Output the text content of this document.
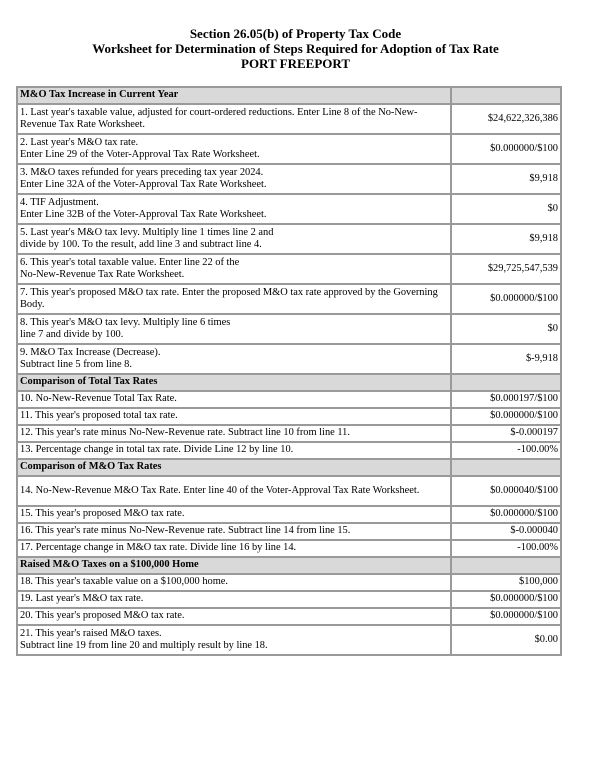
Section 26.05(b) of Property Tax Code
Worksheet for Determination of Steps Required for Adoption of Tax Rate
PORT FREEPORT
M&O Tax Increase in Current Year	
1. Last year's taxable value, adjusted for court-ordered reductions. Enter Line 8 of the No-New-Revenue Tax Rate Worksheet.	$24,622,326,386
2. Last year's M&O tax rate.
Enter Line 29 of the Voter-Approval Tax Rate Worksheet.	$0.000000/$100
3. M&O taxes refunded for years preceding tax year 2024.
Enter Line 32A of the Voter-Approval Tax Rate Worksheet.	$9,918
4. TIF Adjustment.
Enter Line 32B of the Voter-Approval Tax Rate Worksheet.	$0
5. Last year's M&O tax levy. Multiply line 1 times line 2 and
divide by 100. To the result, add line 3 and subtract line 4.	$9,918
6. This year's total taxable value. Enter line 22 of the
No-New-Revenue Tax Rate Worksheet.	$29,725,547,539
7. This year's proposed M&O tax rate. Enter the proposed M&O tax rate approved by the Governing Body.	$0.000000/$100
8. This year's M&O tax levy. Multiply line 6 times
line 7 and divide by 100.	$0
9. M&O Tax Increase (Decrease).
Subtract line 5 from line 8.	$-9,918
Comparison of Total Tax Rates	
10. No-New-Revenue Total Tax Rate.	$0.000197/$100
11. This year's proposed total tax rate.	$0.000000/$100
12. This year's rate minus No-New-Revenue rate. Subtract line 10 from line 11.	$-0.000197
13. Percentage change in total tax rate. Divide Line 12 by line 10.	-100.00%
Comparison of M&O Tax Rates	
14. No-New-Revenue M&O Tax Rate. Enter line 40 of the Voter-Approval Tax Rate Worksheet.	$0.000040/$100
15. This year's proposed M&O tax rate.	$0.000000/$100
16. This year's rate minus No-New-Revenue rate. Subtract line 14 from line 15.	$-0.000040
17. Percentage change in M&O tax rate. Divide line 16 by line 14.	-100.00%
Raised M&O Taxes on a $100,000 Home	
18. This year's taxable value on a $100,000 home.	$100,000
19. Last year's M&O tax rate.	$0.000000/$100
20. This year's proposed M&O tax rate.	$0.000000/$100
21. This year's raised M&O taxes.
Subtract line 19 from line 20 and multiply result by line 18.	$0.00
